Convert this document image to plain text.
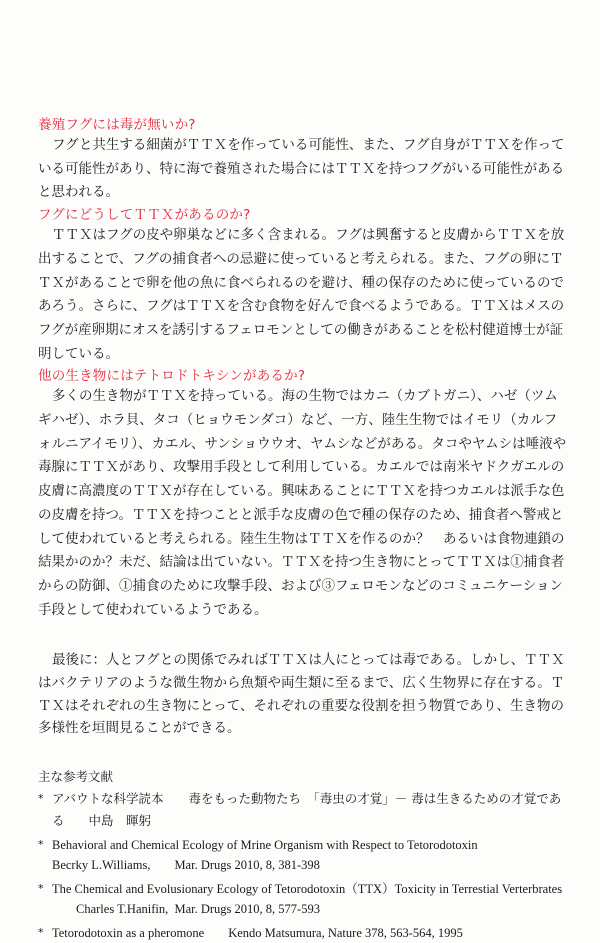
養殖フグには毒が無いか?

フグと共生する細菌がＴＴＸを作っている可能性、また、フグ自身がＴＴＸを作っている可能性があり、特に海で養殖された場合にはＴＴＸを持つフグがいる可能性があると思われる。

フグにどうしてＴＴＸがあるのか?

ＴＴＸはフグの皮や卵巣などに多く含まれる。フグは興奮すると皮膚からＴＴＸを放出することで、フグの捕食者への忌避に使っていると考えられる。また、フグの卵にＴＴＸがあることで卵を他の魚に食べられるのを避け、種の保存のために使っているのであろう。さらに、フグはＴＴＸを含む食物を好んで食べるようである。ＴＴＸはメスのフグが産卵期にオスを誘引するフェロモンとしての働きがあることを松村健道博士が証明している。

他の生き物にはテトロドトキシンがあるか?

多くの生き物がＴＴＸを持っている。海の生物ではカニ（カブトガニ）、ハゼ（ツムギハゼ）、ホラ貝、タコ（ヒョウモンダコ）など、一方、陸生生物ではイモリ（カルフォルニアイモリ）、カエル、サンショウウオ、ヤムシなどがある。タコやヤムシは唾液や毒腺にＴＴＸがあり、攻撃用手段として利用している。カエルでは南米ヤドクガエルの皮膚に高濃度のＴＴＸが存在している。興味あることにＴＴＸを持つカエルは派手な色の皮膚を持つ。ＴＴＸを持つことと派手な皮膚の色で種の保存のため、捕食者へ警戒として使われていると考えられる。陸生生物はＴＴＸを作るのか？　あるいは食物連鎖の結果かのか？未だ、結論は出ていない。ＴＴＸを持つ生き物にとってＴＴＸは①捕食者からの防御、①捕食のために攻撃手段、および③フェロモンなどのコミュニケーション手段として使われているようである。

最後に：人とフグとの関係でみればＴＴＸは人にとっては毒である。しかし、ＴＴＸはバクテリアのような微生物から魚類や両生類に至るまで、広く生物界に存在する。ＴＴＸはそれぞれの生き物にとって、それぞれの重要な役割を担う物質であり、生き物の多様性を垣間見ることができる。

主な参考文献
* アバウトな科学読本　　毒をもった動物たち　「毒虫の才覚」－ 毒は生きるための才覚である 中島　暉躬
* Behavioral and Chemical Ecology of Mrine Organism with Respect to Tetorodotoxin
Becrky L.Williams, Mar. Drugs 2010, 8, 381-398
* The Chemical and Evolusionary Ecology of Tetorodotoxin（TTX）Toxicity in Terrestial VerterbratesCharles T.Hanifin, Mar. Drugs 2010, 8, 577-593
* Tetorodotoxin as a pheromone Kendo Matsumura, Nature 378, 563-564, 1995
